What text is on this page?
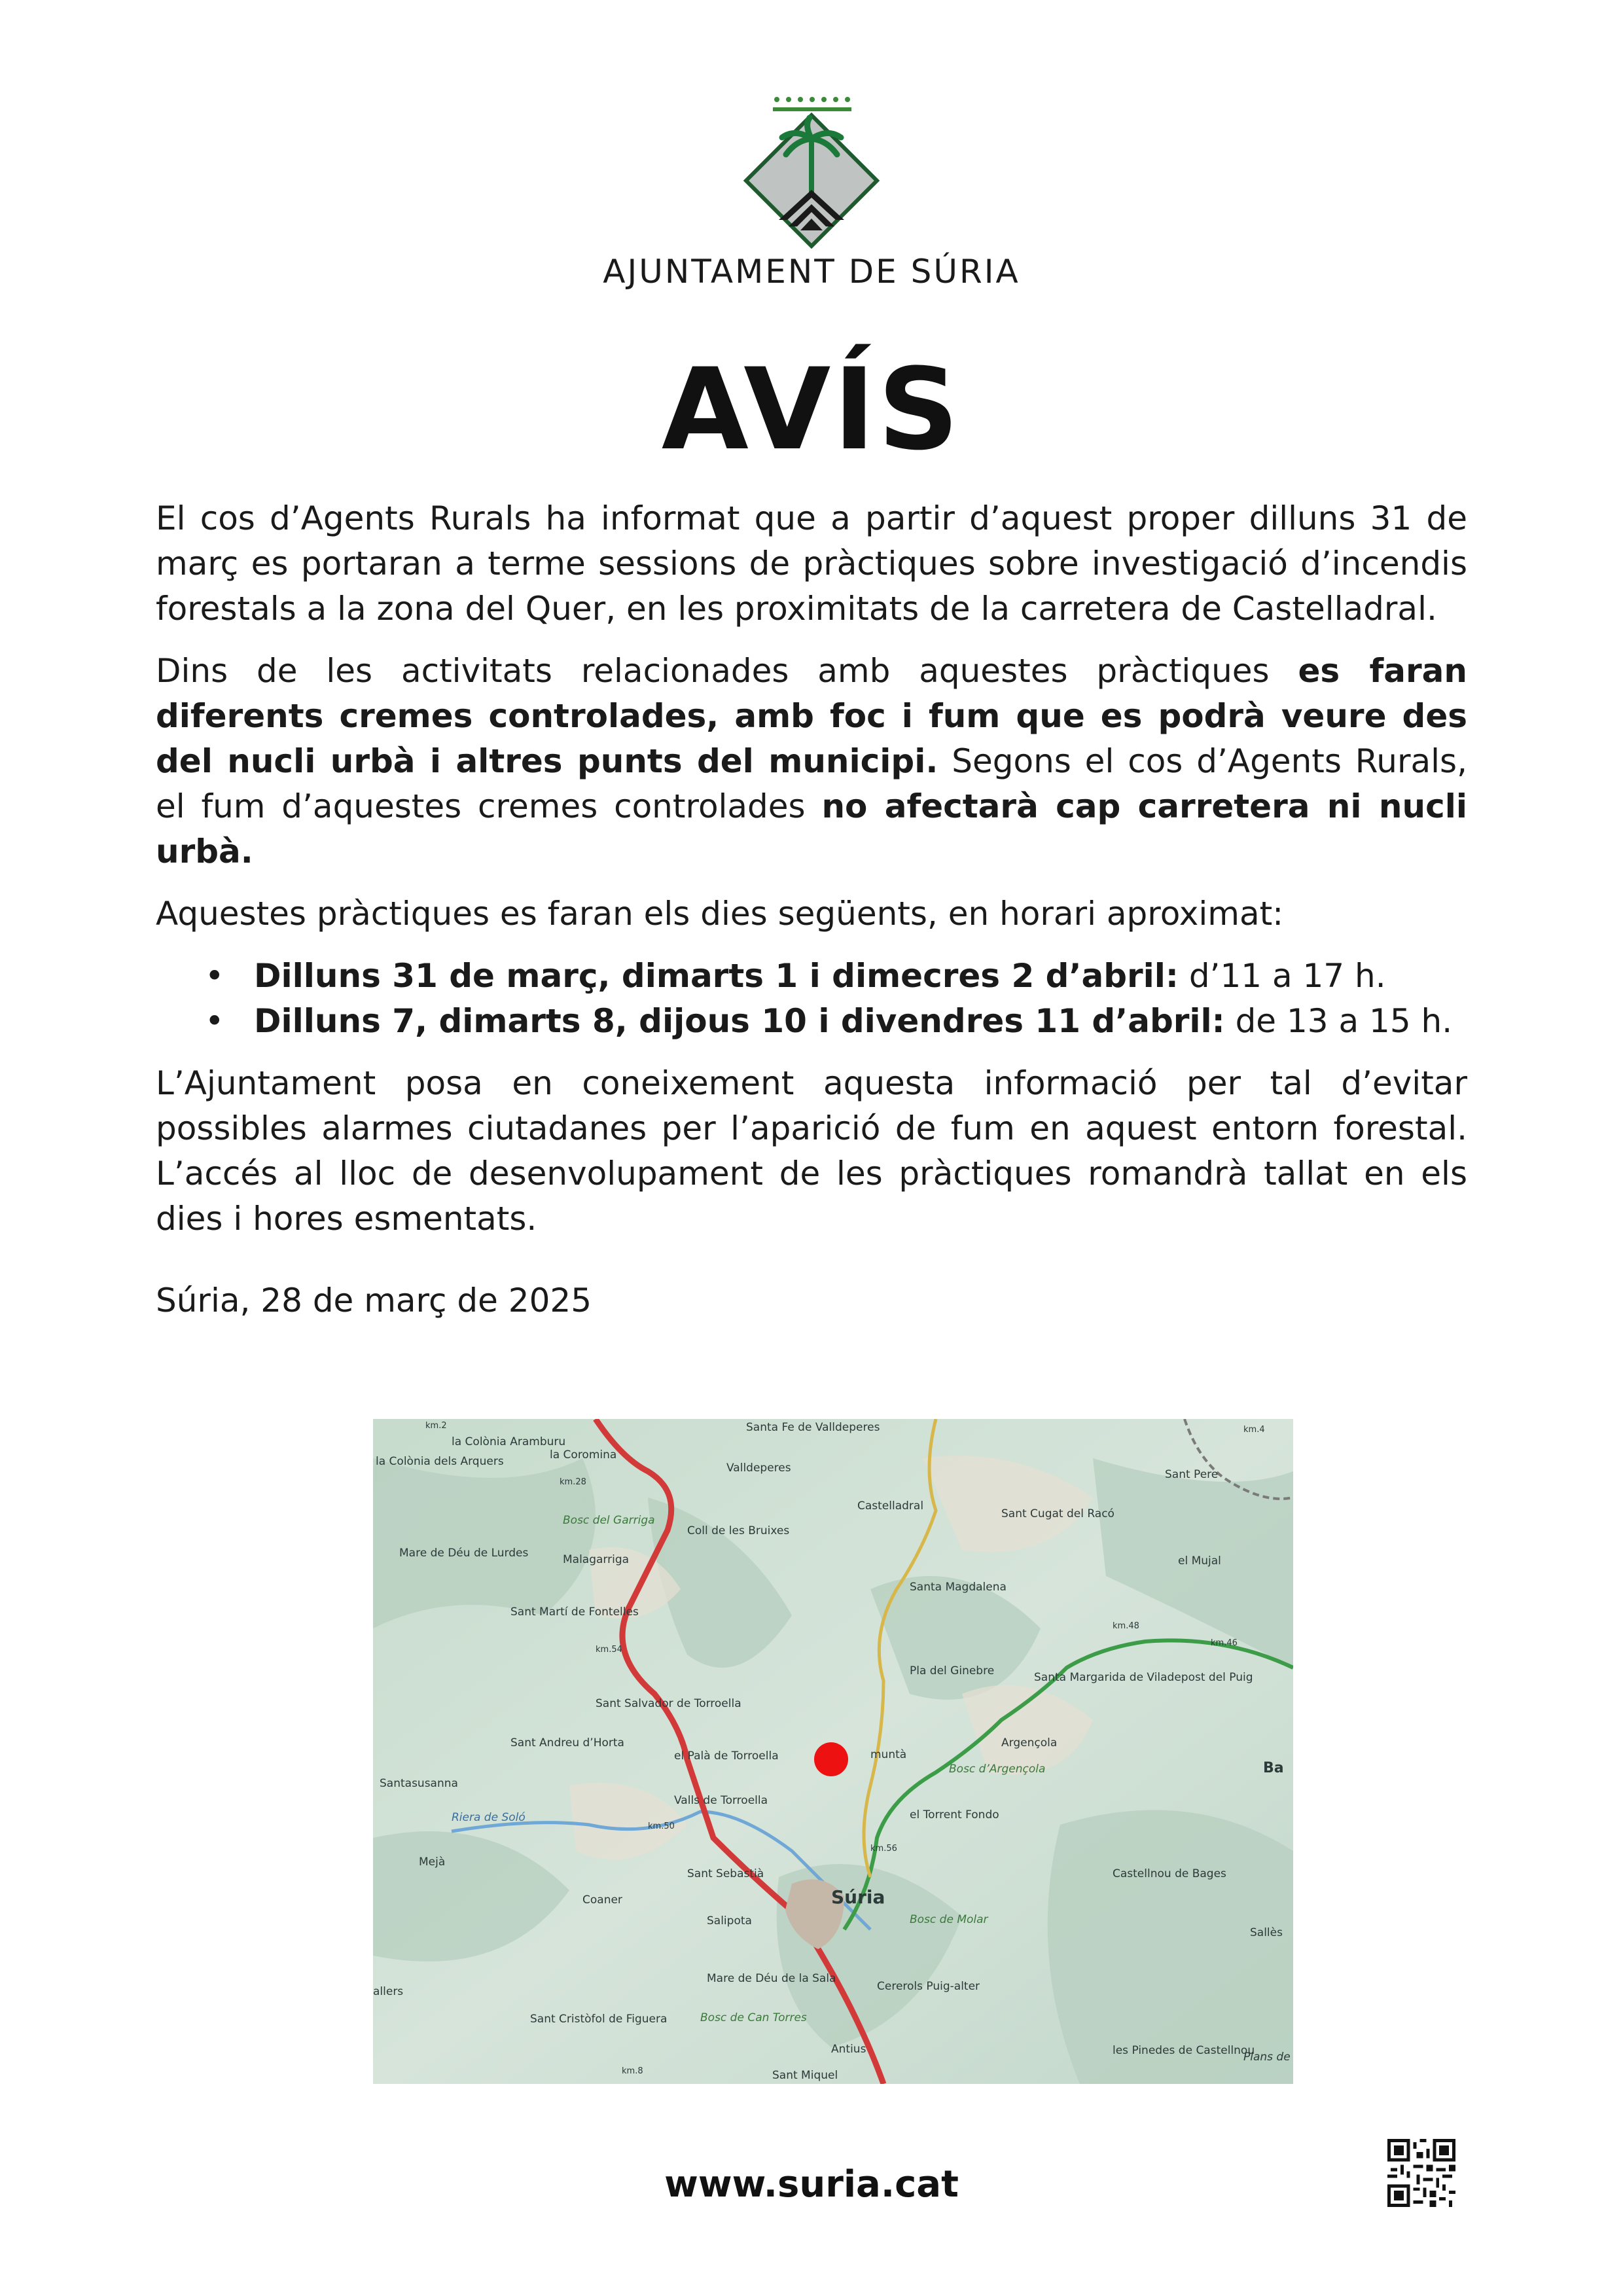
AJUNTAMENT DE SÚRIA
AVÍS

El cos d’Agents Rurals ha informat que a partir d’aquest proper dilluns 31 de març es portaran a terme sessions de pràctiques sobre investigació d’incendis forestals a la zona del Quer, en les proximitats de la carretera de Castelladral.

Dins de les activitats relacionades amb aquestes pràctiques es faran diferents cremes controlades, amb foc i fum que es podrà veure des del nucli urbà i altres punts del municipi. Segons el cos d’Agents Rurals, el fum d’aquestes cremes controlades no afectarà cap carretera ni nucli urbà.

Aquestes pràctiques es faran els dies següents, en horari aproximat:

• Dilluns 31 de març, dimarts 1 i dimecres 2 d’abril: d’11 a 17 h.
• Dilluns 7, dimarts 8, dijous 10 i divendres 11 d’abril: de 13 a 15 h.

L’Ajuntament posa en coneixement aquesta informació per tal d’evitar possibles alarmes ciutadanes per l’aparició de fum en aquest entorn forestal. L’accés al lloc de desenvolupament de les pràctiques romandrà tallat en els dies i hores esmentats.

Súria, 28 de març de 2025

la Colònia dels Arquers
la Colònia Aramburu
la Coromina
Santa Fe de Valldeperes
Valldeperes
Castelladral
Sant Cugat del Racó
Sant Pere
Bosc del Garriga
Coll de les Bruixes
Mare de Déu de Lurdes	Malagarriga
Santa Magdalena
el Mujal
Sant Martí de Fontelles
Pla del Ginebre	Santa Margarida de Viladepost del Puig
Sant Salvador de Torroella
Sant Andreu d’Horta
el Palà de Torroella	muntà
Argençola
Bosc d’Argençola	Ba
Santasusanna
Valls de Torroella
el Torrent Fondo
Riera de Soló
Mejà
Sant Sebastià
Coaner	Súria
Castellnou de Bages
Salipota	Bosc de Molar
Sallès
allers
Mare de Déu de la Sala
Cererols Puig-alter
Bosc de Can Torres
Sant Cristòfol de Figuera
Antius	les Pinedes de Castellnou
Plans de
Sant Miquel
km.2
km.28
km.54
km.50
km.56
km.48
km.46
km.8
km.4
www.suria.cat
